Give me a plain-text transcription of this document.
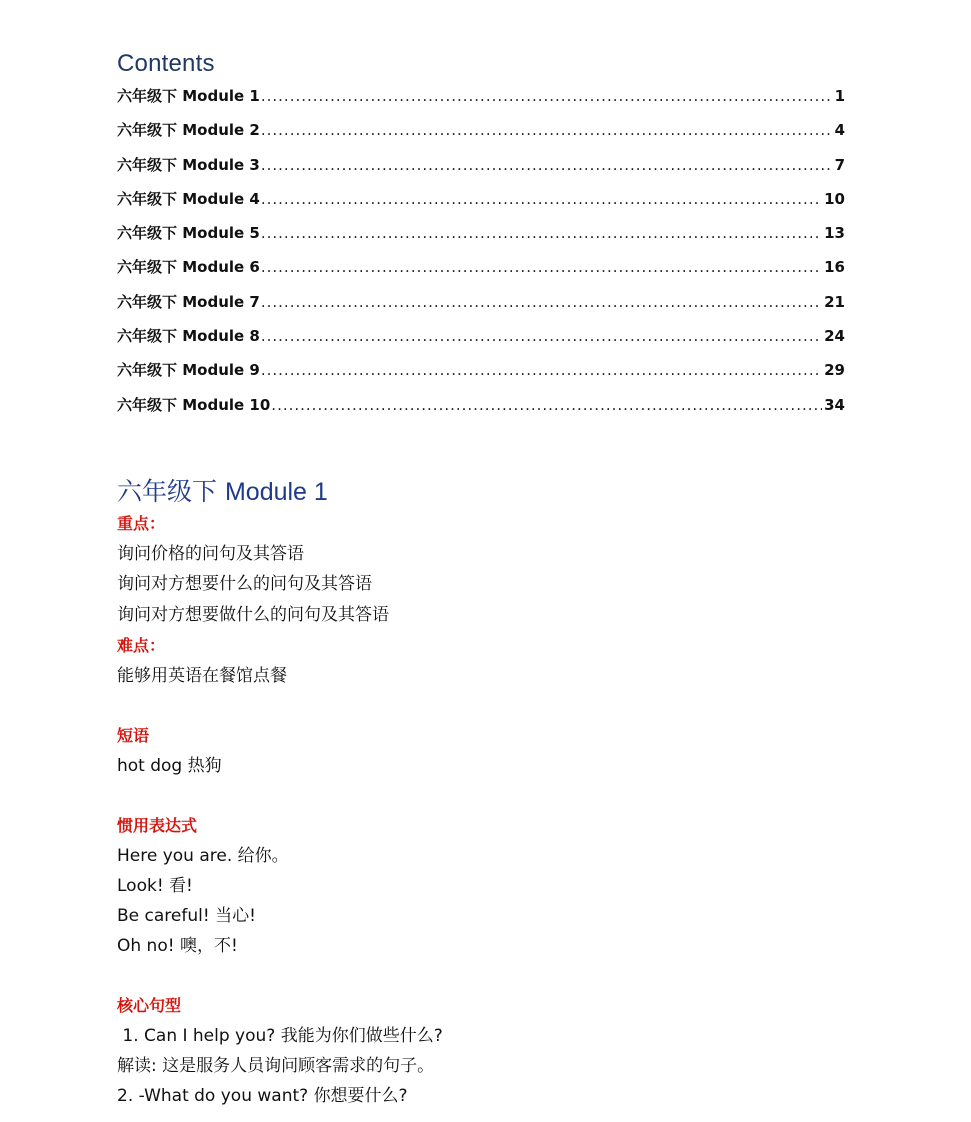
Contents
六年级下 Module 1 .....	1
六年级下 Module 2 .....	4
六年级下 Module 3 .....	7
六年级下 Module 4 .....	10
六年级下 Module 5 .....	13
六年级下 Module 6 .....	16
六年级下 Module 7 .....	21
六年级下 Module 8 .....	24
六年级下 Module 9 .....	29
六年级下 Module 10 .....	34
六年级下 Module 1
重点：
询问价格的问句及其答语
询问对方想要什么的问句及其答语
询问对方想要做什么的问句及其答语
难点：
能够用英语在餐馆点餐
短语
hot dog 热狗
惯用表达式
Here you are. 给你。
Look! 看!
Be careful! 当心!
Oh no! 噢，不!
核心句型
1. Can I help you? 我能为你们做些什么?
解读: 这是服务人员询问顾客需求的句子。
2. -What do you want? 你想要什么?
